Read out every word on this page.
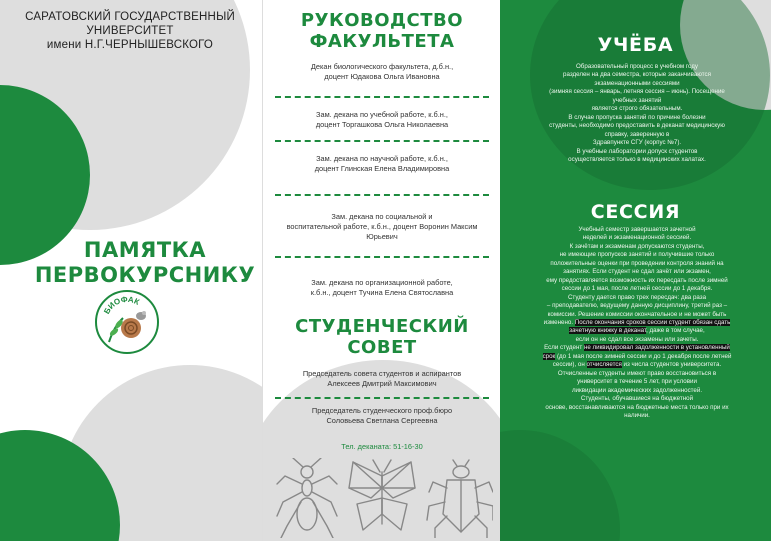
САРАТОВСКИЙ ГОСУДАРСТВЕННЫЙ
УНИВЕРСИТЕТ
имени Н.Г.ЧЕРНЫШЕВСКОГО
ПАМЯТКА
ПЕРВОКУРСНИКУ
БИОФАК
РУКОВОДСТВО
ФАКУЛЬТЕТА
Декан биологического факультета, д.б.н.,
доцент Юдакова Ольга Ивановна
Зам. декана по учебной работе, к.б.н.,
доцент Торгашкова Ольга Николаевна
Зам. декана по научной работе, к.б.н.,
доцент Глинская Елена Владимировна
Зам. декана по социальной и
воспитательной работе, к.б.н., доцент Воронин Максим
Юрьевич
Зам. декана по организационной работе,
к.б.н., доцент Тучина Елена Святославна
СТУДЕНЧЕСКИЙ
СОВЕТ
Председатель совета студентов и аспирантов
Алексеев Дмитрий Максимович
Председатель студенческого проф.бюро
Соловьева Светлана Сергеевна
Тел. деканата: 51-16-30
УЧЁБА
Образовательный процесс в учебном году
разделен на два семестра, которые заканчиваются
экзаменационными сессиями
(зимняя сессия – январь, летняя сессия – июнь). Посещение
учебных занятий
является строго обязательным.
В случае пропуска занятий по причине болезни
студенты, необходимо предоставить в деканат медицинскую
справку, заверенную в
Здравпункте СГУ (корпус №7).
В учебные лаборатории допуск студентов
осуществляется только в медицинских халатах.
СЕССИЯ
Учебный семестр завершается зачетной
неделей и экзаменационной сессией.
К зачётам и экзаменам допускаются студенты,
не имеющие пропусков занятий и получившие только
положительные оценки при проведении контроля знаний на
занятиях. Если студент не сдал зачёт или экзамен,
ему предоставляется возможность их пересдать после зимней
сессии до 1 мая, после летней сессии до 1 декабря.
Студенту дается право трех пересдач: два раза
– преподавателю, ведущему данную дисциплину, третий раз –
комиссии. Решение комиссии окончательное и не может быть
изменено. После окончания сроков сессии студент обязан сдать
зачетную книжку в деканат, даже в том случае,
если он не сдал все экзамены или зачеты.
Если студент не ликвидировал задолженности в установленный
срок (до 1 мая после зимней сессии и до 1 декабря после летней
сессии), он отчисляется из числа студентов университета.
Отчисленные студенты имеют право восстановиться в
университет в течение 5 лет, при условии
ликвидации академических задолженностей.
Студенты, обучавшиеся на бюджетной
основе, восстанавливаются на бюджетные места только при их
наличии.
